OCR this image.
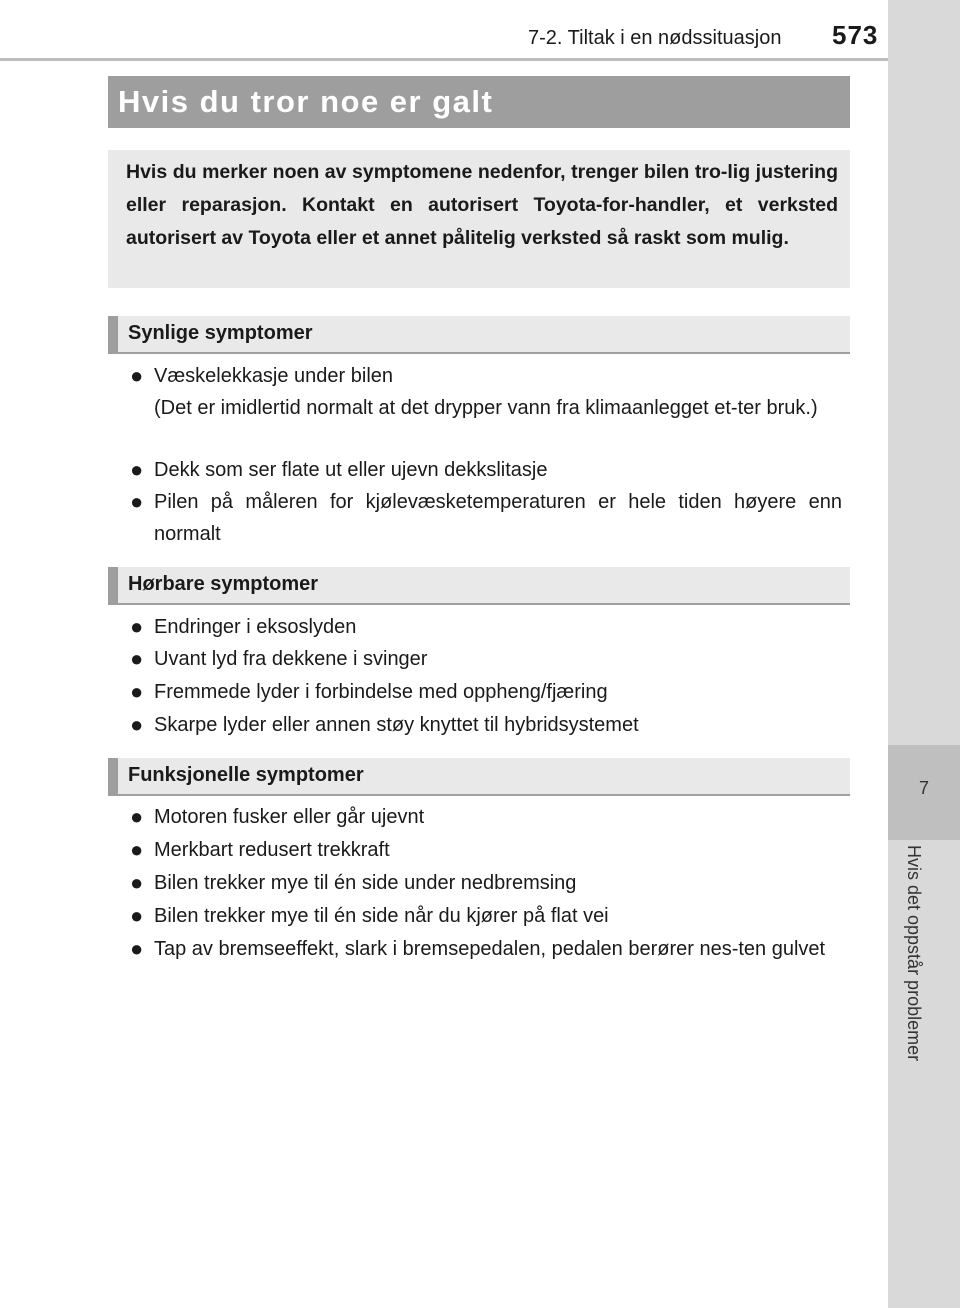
7-2. Tiltak i en nødssituasjon 573
7
Hvis det oppstår problemer
Hvis du tror noe er galt
Hvis du merker noen av symptomene nedenfor, trenger bilen tro-lig justering eller reparasjon. Kontakt en autorisert Toyota-for-handler, et verksted autorisert av Toyota eller et annet pålitelig verksted så raskt som mulig.
Synlige symptomer
● Væskelekkasje under bilen
(Det er imidlertid normalt at det drypper vann fra klimaanlegget et-ter bruk.)
● Dekk som ser flate ut eller ujevn dekkslitasje
● Pilen på måleren for kjølevæsketemperaturen er hele tiden høyere enn normalt
Hørbare symptomer
● Endringer i eksoslyden
● Uvant lyd fra dekkene i svinger
● Fremmede lyder i forbindelse med oppheng/fjæring
● Skarpe lyder eller annen støy knyttet til hybridsystemet
Funksjonelle symptomer
● Motoren fusker eller går ujevnt
● Merkbart redusert trekkraft
● Bilen trekker mye til én side under nedbremsing
● Bilen trekker mye til én side når du kjører på flat vei
● Tap av bremseeffekt, slark i bremsepedalen, pedalen berører nes-ten gulvet
